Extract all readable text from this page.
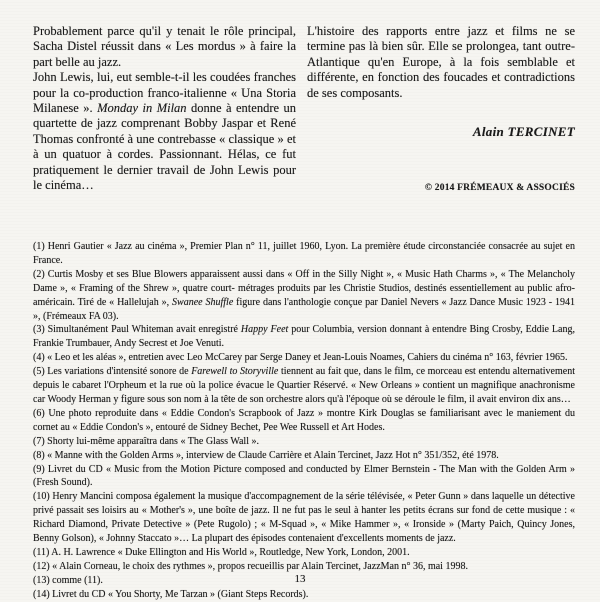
Probablement parce qu'il y tenait le rôle principal, Sacha Distel réussit dans « Les mordus » à faire la part belle au jazz.

John Lewis, lui, eut semble-t-il les coudées franches pour la co-production franco-italienne « Una Storia Milanese ». Monday in Milan donne à entendre un quartette de jazz comprenant Bobby Jaspar et René Thomas confronté à une contrebasse « classique » et à un quatuor à cordes. Passionnant. Hélas, ce fut pratiquement le dernier travail de John Lewis pour le cinéma…

L'histoire des rapports entre jazz et films ne se termine pas là bien sûr. Elle se prolongea, tant outre-Atlantique qu'en Europe, à la fois semblable et différente, en fonction des foucades et contradictions de ses composants.

Alain TERCINET

© 2014 FRÉMEAUX & ASSOCIÉS

(1) Henri Gautier « Jazz au cinéma », Premier Plan n° 11, juillet 1960, Lyon. La première étude circonstanciée consacrée au sujet en France.

(2) Curtis Mosby et ses Blue Blowers apparaissent aussi dans « Off in the Silly Night », « Music Hath Charms », « The Melancholy Dame », « Framing of the Shrew », quatre court- métrages produits par les Christie Studios, destinés essentiellement au public afro-américain. Tiré de « Hallelujah », Swanee Shuffle figure dans l'anthologie conçue par Daniel Nevers « Jazz Dance Music 1923 - 1941 », (Frémeaux FA 03).

(3) Simultanément Paul Whiteman avait enregistré Happy Feet pour Columbia, version donnant à entendre Bing Crosby, Eddie Lang, Frankie Trumbauer, Andy Secrest et Joe Venuti.

(4) « Leo et les aléas », entretien avec Leo McCarey par Serge Daney et Jean-Louis Noames, Cahiers du cinéma n° 163, février 1965.

(5) Les variations d'intensité sonore de Farewell to Storyville tiennent au fait que, dans le film, ce morceau est entendu alternativement depuis le cabaret l'Orpheum et la rue où la police évacue le Quartier Réservé. « New Orleans » contient un magnifique anachronisme car Woody Herman y figure sous son nom à la tête de son orchestre alors qu'à l'époque où se déroule le film, il avait environ dix ans…

(6) Une photo reproduite dans « Eddie Condon's Scrapbook of Jazz » montre Kirk Douglas se familiarisant avec le maniement du cornet au « Eddie Condon's », entouré de Sidney Bechet, Pee Wee Russell et Art Hodes.

(7) Shorty lui-même apparaîtra dans « The Glass Wall ».

(8) « Manne with the Golden Arms », interview de Claude Carrière et Alain Tercinet, Jazz Hot n° 351/352, été 1978.

(9) Livret du CD « Music from the Motion Picture composed and conducted by Elmer Bernstein - The Man with the Golden Arm » (Fresh Sound).

(10) Henry Mancini composa également la musique d'accompagnement de la série télévisée, « Peter Gunn » dans laquelle un détective privé passait ses loisirs au « Mother's », une boîte de jazz. Il ne fut pas le seul à hanter les petits écrans sur fond de cette musique : « Richard Diamond, Private Detective » (Pete Rugolo) ; « M-Squad », « Mike Hammer », « Ironside » (Marty Paich, Quincy Jones, Benny Golson), « Johnny Staccato »… La plupart des épisodes contenaient d'excellents moments de jazz.

(11) A. H. Lawrence « Duke Ellington and His World », Routledge, New York, London, 2001.

(12) « Alain Corneau, le choix des rythmes », propos recueillis par Alain Tercinet, JazzMan n° 36, mai 1998.

(13) comme (11).

(14) Livret du CD « You Shorty, Me Tarzan » (Giant Steps Records).

13
